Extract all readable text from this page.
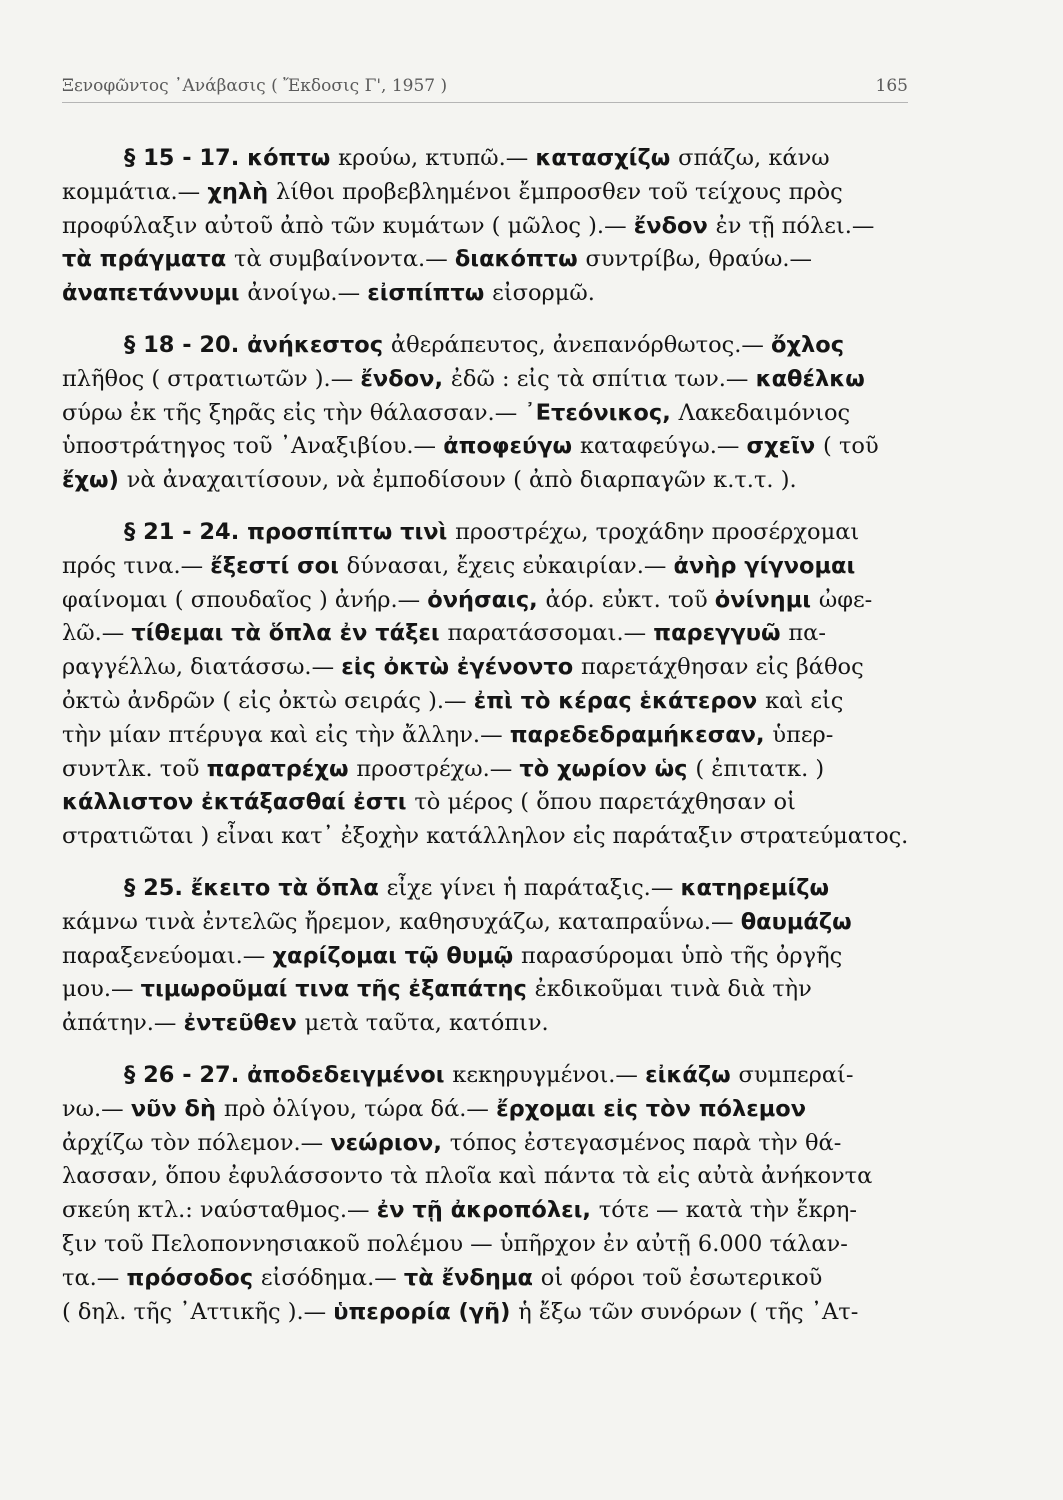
Ξενοφῶντος ᾿Ανάβασις ( Ἔκδοσις Γ', 1957 )	165
§ 15 - 17. κόπτω κρούω, κτυπῶ.— κατασχίζω σπάζω, κάνω
κομμάτια.— χηλὴ λίθοι προβεβλημένοι ἔμπροσθεν τοῦ τείχους πρὸς
προφύλαξιν αὐτοῦ ἀπὸ τῶν κυμάτων ( μῶλος ).— ἔνδον ἐν τῇ πόλει.—
τὰ πράγματα τὰ συμβαίνοντα.— διακόπτω συντρίβω, θραύω.—
ἀναπετάννυμι ἀνοίγω.— εἰσπίπτω εἰσορμῶ.
§ 18 - 20. ἀνήκεστος ἀθεράπευτος, ἀνεπανόρθωτος.— ὄχλος
πλῆθος ( στρατιωτῶν ).— ἔνδον, ἐδῶ : εἰς τὰ σπίτια των.— καθέλκω
σύρω ἐκ τῆς ξηρᾶς εἰς τὴν θάλασσαν.— ᾿Ετεόνικος, Λακεδαιμόνιος
ὑποστράτηγος τοῦ ᾿Αναξιβίου.— ἀποφεύγω καταφεύγω.— σχεῖν ( τοῦ
ἔχω) νὰ ἀναχαιτίσουν, νὰ ἐμποδίσουν ( ἀπὸ διαρπαγῶν κ.τ.τ. ).
§ 21 - 24. προσπίπτω τινὶ προστρέχω, τροχάδην προσέρχομαι
πρός τινα.— ἔξεστί σοι δύνασαι, ἔχεις εὐκαιρίαν.— ἀνὴρ γίγνομαι
φαίνομαι ( σπουδαῖος ) ἀνήρ.— ὀνήσαις, ἀόρ. εὐκτ. τοῦ ὀνίνημι ὠφε-
λῶ.— τίθεμαι τὰ ὅπλα ἐν τάξει παρατάσσομαι.— παρεγγυῶ πα-
ραγγέλλω, διατάσσω.— εἰς ὀκτὼ ἐγένοντο παρετάχθησαν εἰς βάθος
ὀκτὼ ἀνδρῶν ( εἰς ὀκτὼ σειράς ).— ἐπὶ τὸ κέρας ἑκάτερον καὶ εἰς
τὴν μίαν πτέρυγα καὶ εἰς τὴν ἄλλην.— παρεδεδραμήκεσαν, ὑπερ-
συντλκ. τοῦ παρατρέχω προστρέχω.— τὸ χωρίον ὡς ( ἐπιτατκ. )
κάλλιστον ἐκτάξασθαί ἐστι τὸ μέρος ( ὅπου παρετάχθησαν οἱ
στρατιῶται ) εἶναι κατ᾿ ἐξοχὴν κατάλληλον εἰς παράταξιν στρατεύματος.
§ 25. ἔκειτο τὰ ὅπλα εἶχε γίνει ἡ παράταξις.— κατηρεμίζω
κάμνω τινὰ ἐντελῶς ἤρεμον, καθησυχάζω, καταπραΰνω.— θαυμάζω
παραξενεύομαι.— χαρίζομαι τῷ θυμῷ παρασύρομαι ὑπὸ τῆς ὀργῆς
μου.— τιμωροῦμαί τινα τῆς ἐξαπάτης ἐκδικοῦμαι τινὰ διὰ τὴν
ἀπάτην.— ἐντεῦθεν μετὰ ταῦτα, κατόπιν.
§ 26 - 27. ἀποδεδειγμένοι κεκηρυγμένοι.— εἰκάζω συμπεραί-
νω.— νῦν δὴ πρὸ ὀλίγου, τώρα δά.— ἔρχομαι εἰς τὸν πόλεμον
ἀρχίζω τὸν πόλεμον.— νεώριον, τόπος ἐστεγασμένος παρὰ τὴν θά-
λασσαν, ὅπου ἐφυλάσσοντο τὰ πλοῖα καὶ πάντα τὰ εἰς αὐτὰ ἀνήκοντα
σκεύη κτλ.: ναύσταθμος.— ἐν τῇ ἀκροπόλει, τότε — κατὰ τὴν ἔκρη-
ξιν τοῦ Πελοποννησιακοῦ πολέμου — ὑπῆρχον ἐν αὐτῇ 6.000 τάλαν-
τα.— πρόσοδος εἰσόδημα.— τὰ ἔνδημα οἱ φόροι τοῦ ἐσωτερικοῦ
( δηλ. τῆς ᾿Αττικῆς ).— ὑπερορία (γῆ) ἡ ἔξω τῶν συνόρων ( τῆς ᾿Ατ-
